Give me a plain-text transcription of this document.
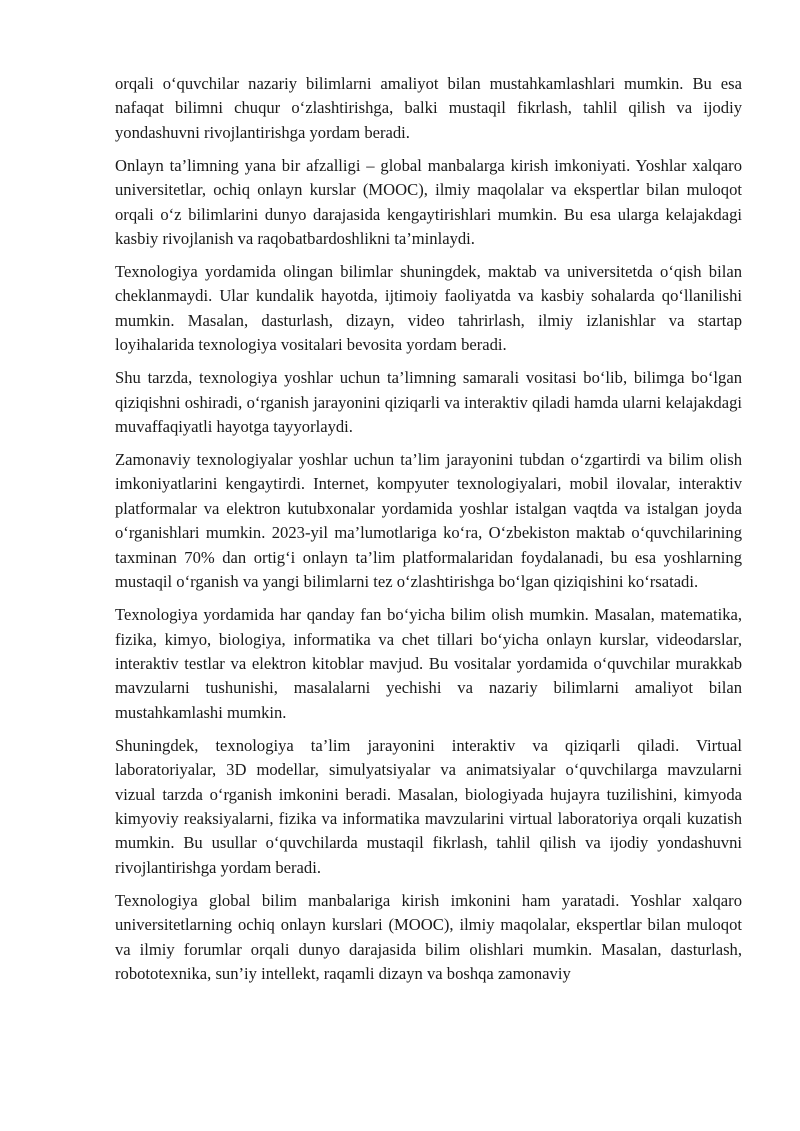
orqali o‘quvchilar nazariy bilimlarni amaliyot bilan mustahkamlashlari mumkin. Bu esa nafaqat bilimni chuqur o‘zlashtirishga, balki mustaqil fikrlash, tahlil qilish va ijodiy yondashuvni rivojlantirishga yordam beradi.

Onlayn ta’limning yana bir afzalligi – global manbalarga kirish imkoniyati. Yoshlar xalqaro universitetlar, ochiq onlayn kurslar (MOOC), ilmiy maqolalar va ekspertlar bilan muloqot orqali o‘z bilimlarini dunyo darajasida kengaytirishlari mumkin. Bu esa ularga kelajakdagi kasbiy rivojlanish va raqobatbardoshlikni ta’minlaydi.

Texnologiya yordamida olingan bilimlar shuningdek, maktab va universitetda o‘qish bilan cheklanmaydi. Ular kundalik hayotda, ijtimoiy faoliyatda va kasbiy sohalarda qo‘llanilishi mumkin. Masalan, dasturlash, dizayn, video tahrirlash, ilmiy izlanishlar va startap loyihalarida texnologiya vositalari bevosita yordam beradi.

Shu tarzda, texnologiya yoshlar uchun ta’limning samarali vositasi bo‘lib, bilimga bo‘lgan qiziqishni oshiradi, o‘rganish jarayonini qiziqarli va interaktiv qiladi hamda ularni kelajakdagi muvaffaqiyatli hayotga tayyorlaydi.

Zamonaviy texnologiyalar yoshlar uchun ta’lim jarayonini tubdan o‘zgartirdi va bilim olish imkoniyatlarini kengaytirdi. Internet, kompyuter texnologiyalari, mobil ilovalar, interaktiv platformalar va elektron kutubxonalar yordamida yoshlar istalgan vaqtda va istalgan joyda o‘rganishlari mumkin. 2023-yil ma’lumotlariga ko‘ra, O‘zbekiston maktab o‘quvchilarining taxminan 70% dan ortig‘i onlayn ta’lim platformalaridan foydalanadi, bu esa yoshlarning mustaqil o‘rganish va yangi bilimlarni tez o‘zlashtirishga bo‘lgan qiziqishini ko‘rsatadi.

Texnologiya yordamida har qanday fan bo‘yicha bilim olish mumkin. Masalan, matematika, fizika, kimyo, biologiya, informatika va chet tillari bo‘yicha onlayn kurslar, videodarslar, interaktiv testlar va elektron kitoblar mavjud. Bu vositalar yordamida o‘quvchilar murakkab mavzularni tushunishi, masalalarni yechishi va nazariy bilimlarni amaliyot bilan mustahkamlashi mumkin.

Shuningdek, texnologiya ta’lim jarayonini interaktiv va qiziqarli qiladi. Virtual laboratoriyalar, 3D modellar, simulyatsiyalar va animatsiyalar o‘quvchilarga mavzularni vizual tarzda o‘rganish imkonini beradi. Masalan, biologiyada hujayra tuzilishini, kimyoda kimyoviy reaksiyalarni, fizika va informatika mavzularini virtual laboratoriya orqali kuzatish mumkin. Bu usullar o‘quvchilarda mustaqil fikrlash, tahlil qilish va ijodiy yondashuvni rivojlantirishga yordam beradi.

Texnologiya global bilim manbalariga kirish imkonini ham yaratadi. Yoshlar xalqaro universitetlarning ochiq onlayn kurslari (MOOC), ilmiy maqolalar, ekspertlar bilan muloqot va ilmiy forumlar orqali dunyo darajasida bilim olishlari mumkin. Masalan, dasturlash, robototexnika, sun’iy intellekt, raqamli dizayn va boshqa zamonaviy
